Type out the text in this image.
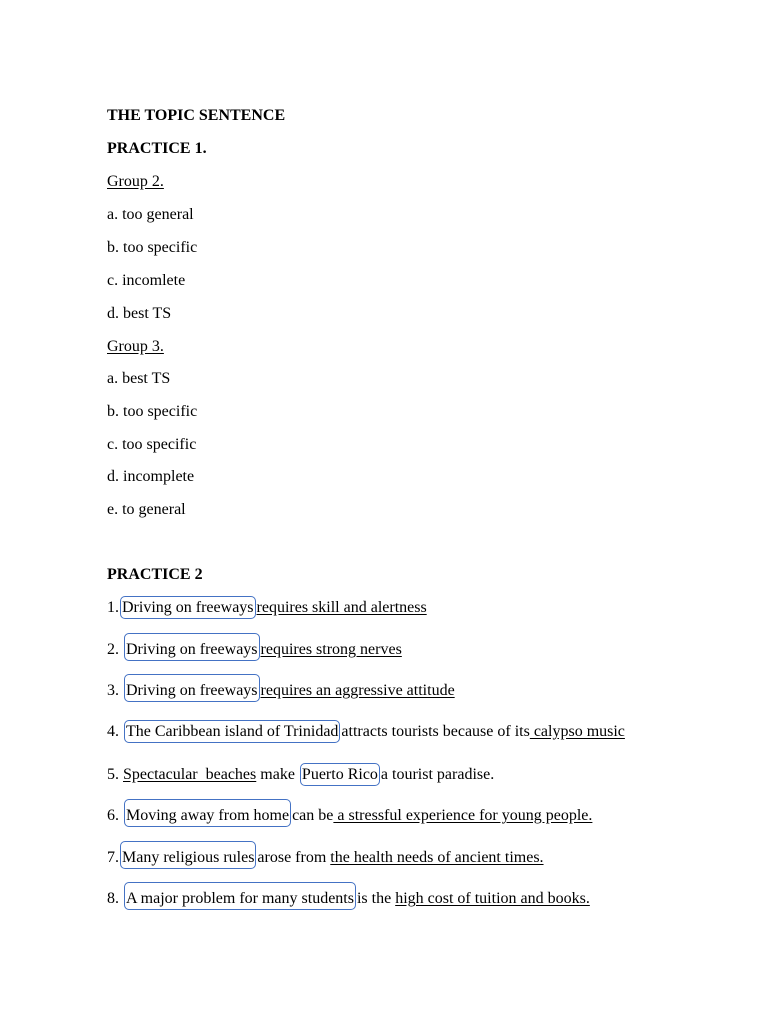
THE TOPIC SENTENCE
PRACTICE 1.
Group 2.
a. too general
b. too specific
c. incomlete
d. best TS
Group 3.
a. best TS
b. too specific
c. too specific
d. incomplete
e. to general
PRACTICE 2
1. Driving on freeways requires skill and alertness
2. Driving on freeways requires strong nerves
3. Driving on freeways requires an aggressive attitude
4. The Caribbean island of Trinidad attracts tourists because of its calypso music
5. Spectacular  beaches make Puerto Rico a tourist paradise.
6. Moving away from home can be a stressful experience for young people.
7. Many religious rules arose from the health needs of ancient times.
8. A major problem for many students is the high cost of tuition and books.
